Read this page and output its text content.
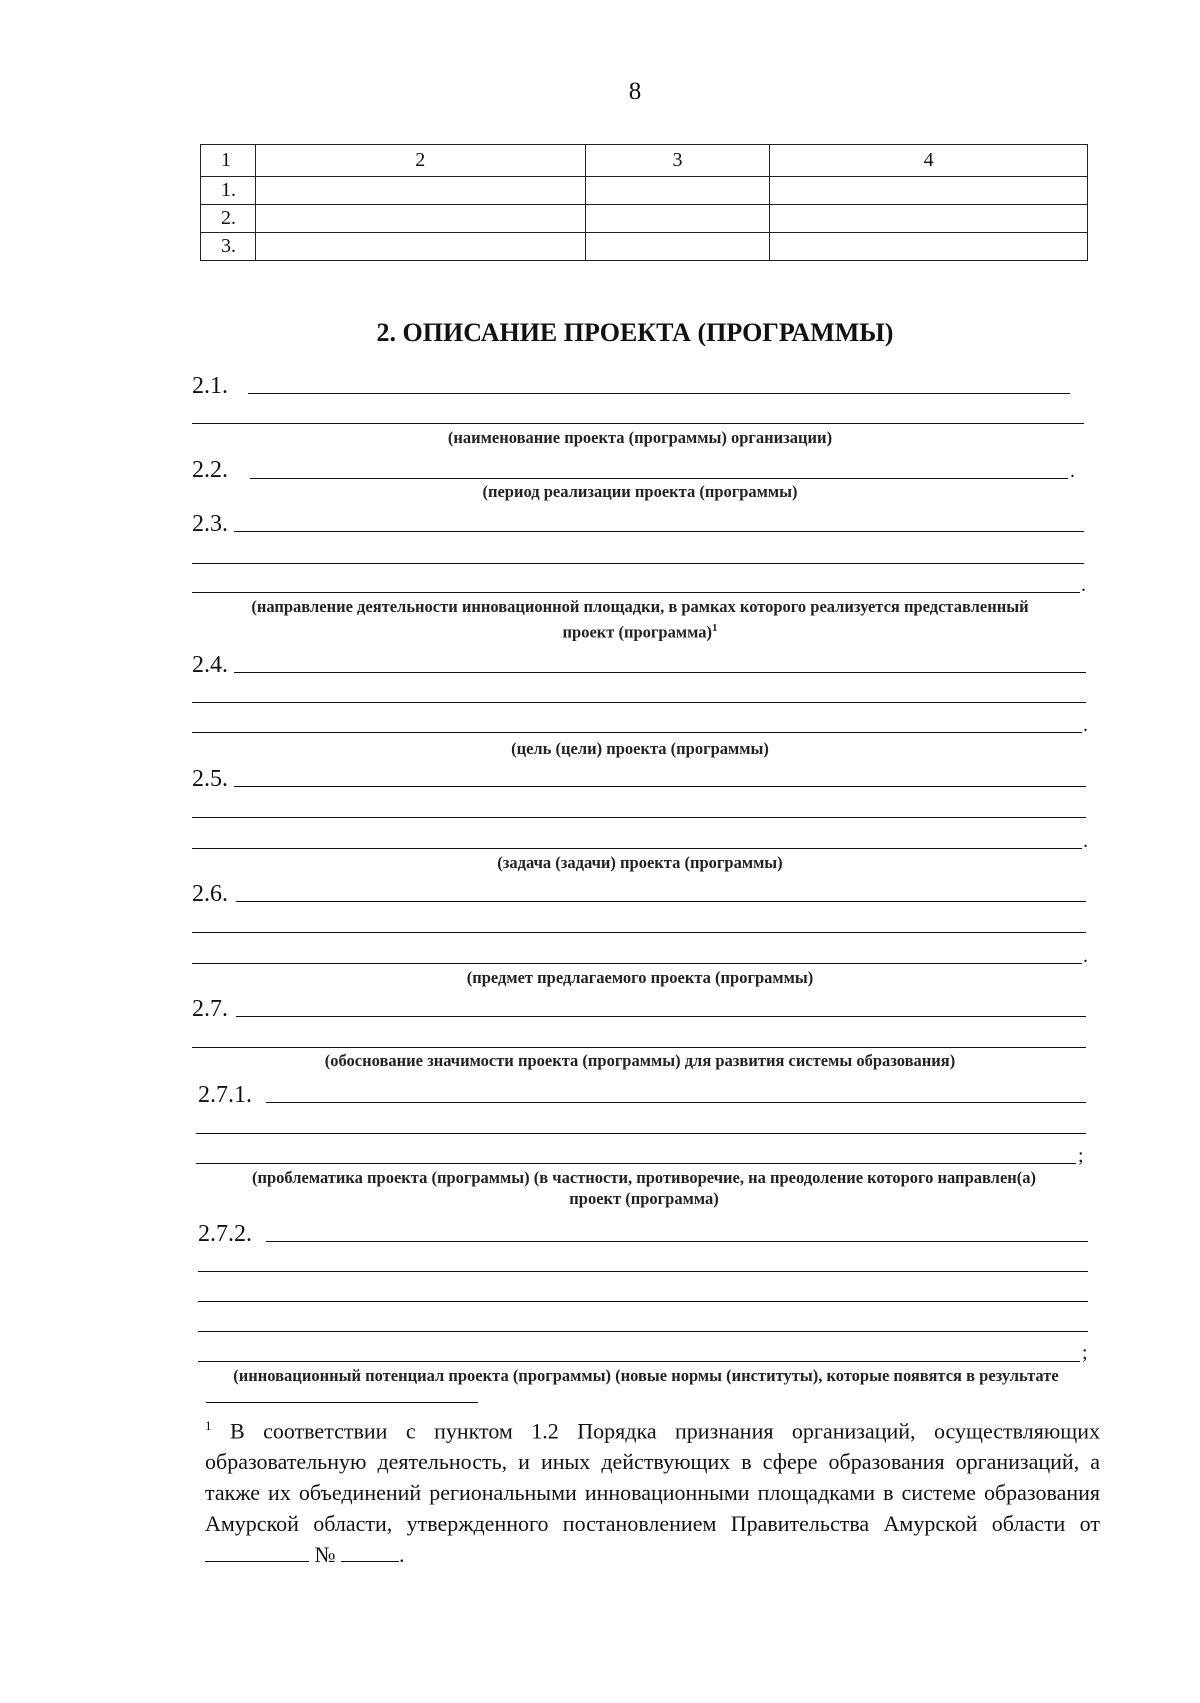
8
1	2	3	4
1.			
2.			
3.			
2. ОПИСАНИЕ ПРОЕКТА (ПРОГРАММЫ)
2.1.
(наименование проекта (программы) организации)
2.2.	.
(период реализации проекта (программы)
2.3.
.
(направление деятельности инновационной площадки, в рамках которого реализуется представленный
проект (программа)$^1$
2.4.
.
(цель (цели) проекта (программы)
2.5.
.
(задача (задачи) проекта (программы)
2.6.
.
(предмет предлагаемого проекта (программы)
2.7.
(обоснование значимости проекта (программы) для развития системы образования)
2.7.1.
;
(проблематика проекта (программы) (в частности, противоречие, на преодоление которого направлен(а)
проект (программа)
2.7.2.
;
(инновационный потенциал проекта (программы) (новые нормы (институты), которые появятся в результате
$^1$ В соответствии с пунктом 1.2 Порядка признания организаций, осуществляющих образовательную деятельность, и иных действующих в сфере образования организаций, а также их объединений региональными инновационными площадками в системе образования Амурской области, утвержденного постановлением Правительства Амурской области от  №	.
